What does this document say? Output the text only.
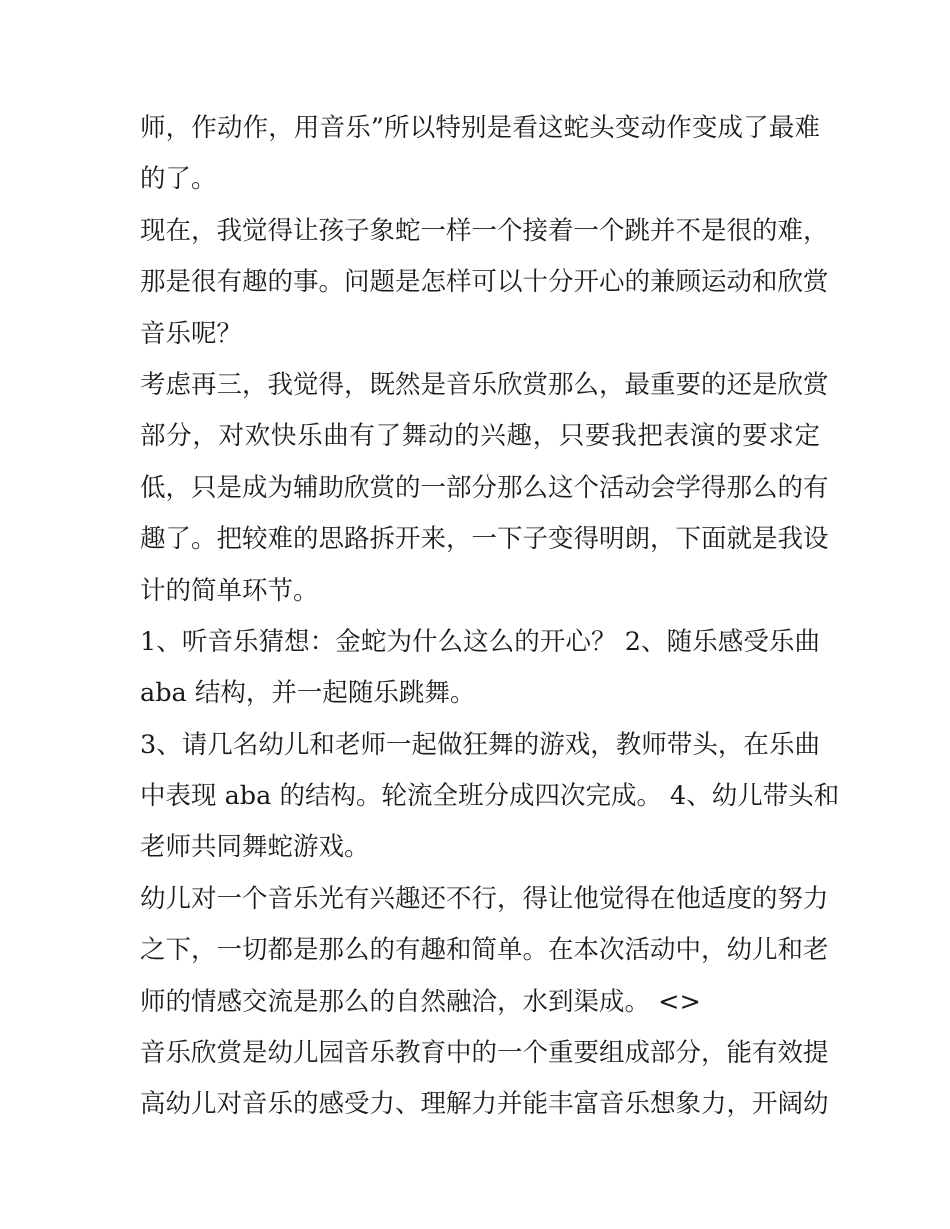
师，作动作，用音乐”所以特别是看这蛇头变动作变成了最难
的了。
现在，我觉得让孩子象蛇一样一个接着一个跳并不是很的难，
那是很有趣的事。问题是怎样可以十分开心的兼顾运动和欣赏
音乐呢？
考虑再三，我觉得，既然是音乐欣赏那么，最重要的还是欣赏
部分，对欢快乐曲有了舞动的兴趣，只要我把表演的要求定
低，只是成为辅助欣赏的一部分那么这个活动会学得那么的有
趣了。把较难的思路拆开来，一下子变得明朗，下面就是我设
计的简单环节。
1、听音乐猜想：金蛇为什么这么的开心？ 2、随乐感受乐曲
aba 结构，并一起随乐跳舞。
3、请几名幼儿和老师一起做狂舞的游戏，教师带头，在乐曲
中表现 aba 的结构。轮流全班分成四次完成。 4、幼儿带头和
老师共同舞蛇游戏。
幼儿对一个音乐光有兴趣还不行，得让他觉得在他适度的努力
之下，一切都是那么的有趣和简单。在本次活动中，幼儿和老
师的情感交流是那么的自然融洽，水到渠成。 <>
音乐欣赏是幼儿园音乐教育中的一个重要组成部分，能有效提
高幼儿对音乐的感受力、理解力并能丰富音乐想象力，开阔幼
